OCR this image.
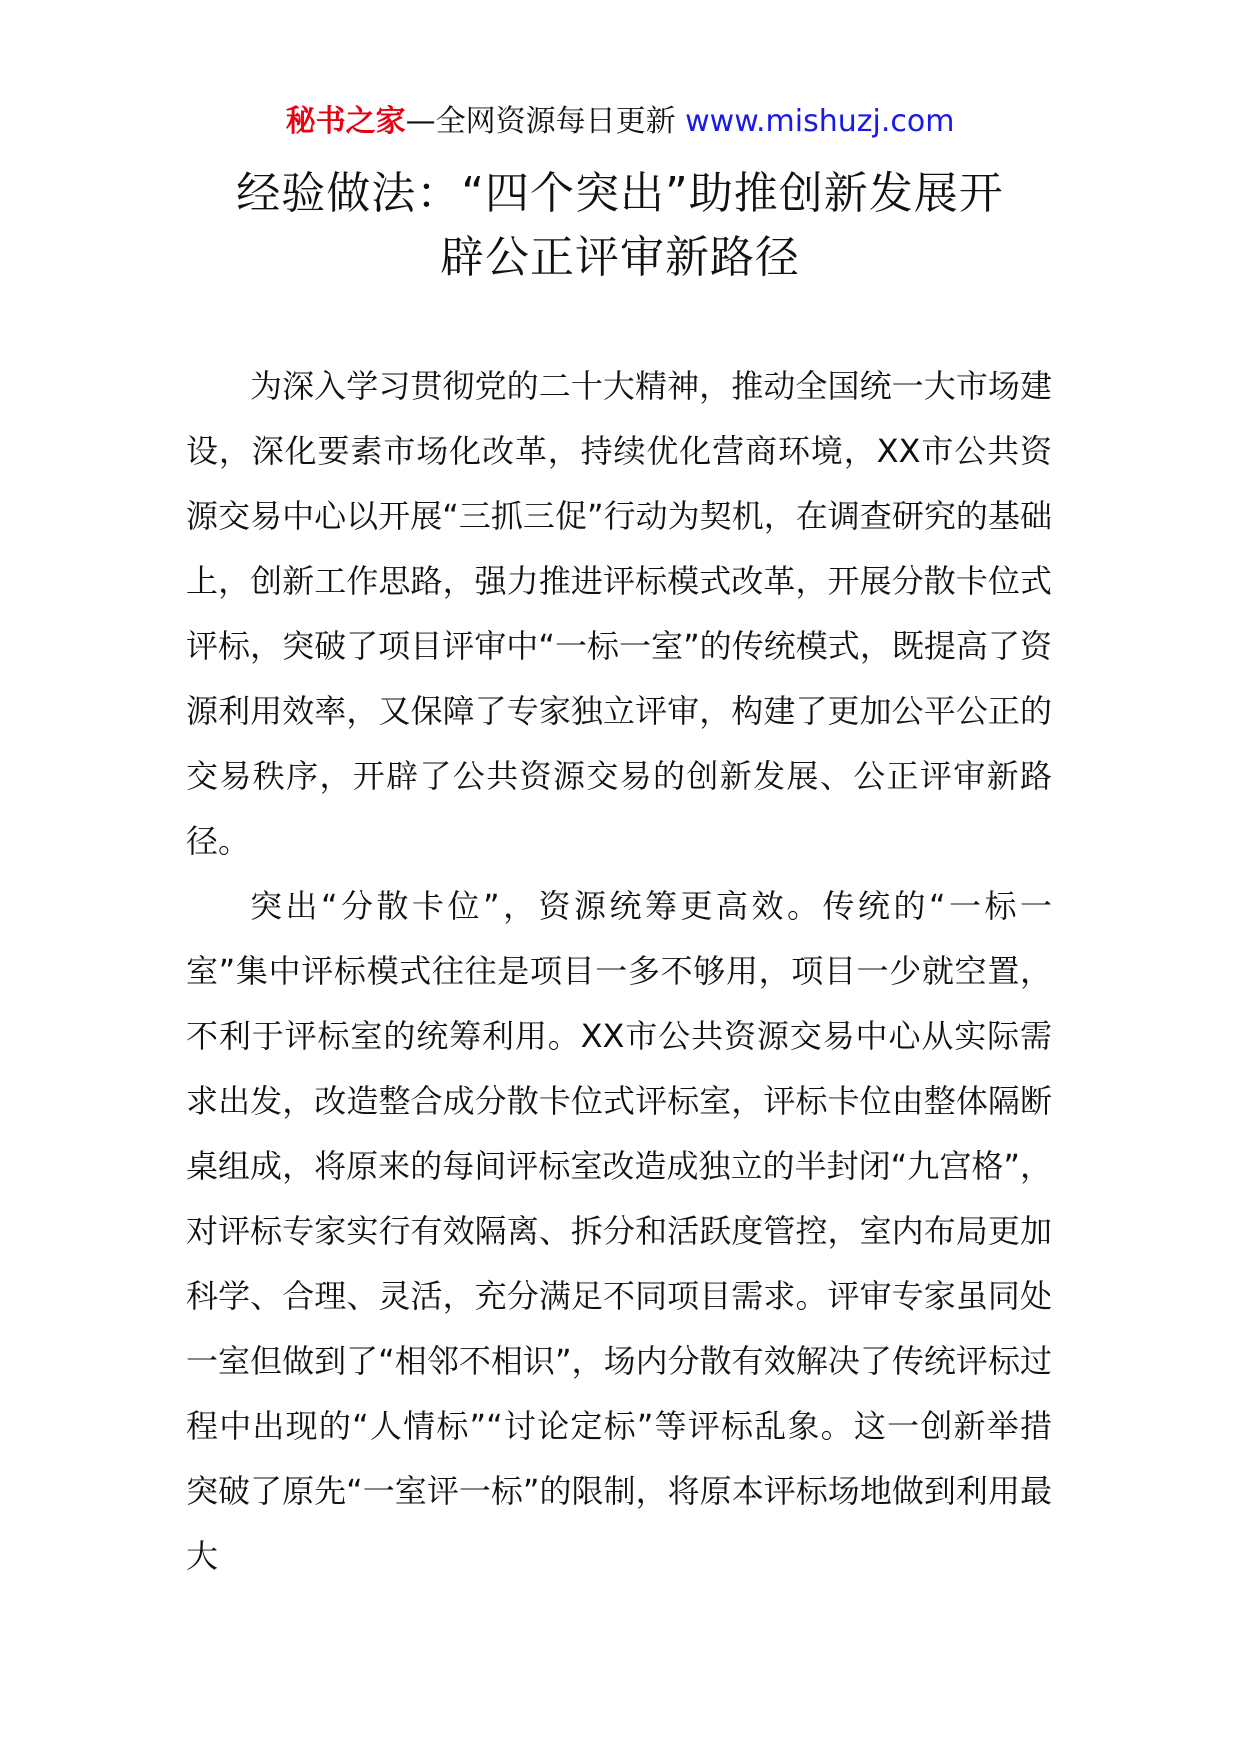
秘书之家—全网资源每日更新 www.mishuzj.com
经验做法：“四个突出”助推创新发展开
辟公正评审新路径

为深入学习贯彻党的二十大精神，推动全国统一大市场建设，深化要素市场化改革，持续优化营商环境，XX市公共资源交易中心以开展“三抓三促”行动为契机，在调查研究的基础上，创新工作思路，强力推进评标模式改革，开展分散卡位式评标，突破了项目评审中“一标一室”的传统模式，既提高了资源利用效率，又保障了专家独立评审，构建了更加公平公正的交易秩序，开辟了公共资源交易的创新发展、公正评审新路径。

突出“分散卡位”，资源统筹更高效。传统的“一标一室”集中评标模式往往是项目一多不够用，项目一少就空置，不利于评标室的统筹利用。XX市公共资源交易中心从实际需求出发，改造整合成分散卡位式评标室，评标卡位由整体隔断桌组成，将原来的每间评标室改造成独立的半封闭“九宫格”，对评标专家实行有效隔离、拆分和活跃度管控，室内布局更加科学、合理、灵活，充分满足不同项目需求。评审专家虽同处一室但做到了“相邻不相识”，场内分散有效解决了传统评标过程中出现的“人情标”“讨论定标”等评标乱象。这一创新举措突破了原先“一室评一标”的限制，将原本评标场地做到利用最大
